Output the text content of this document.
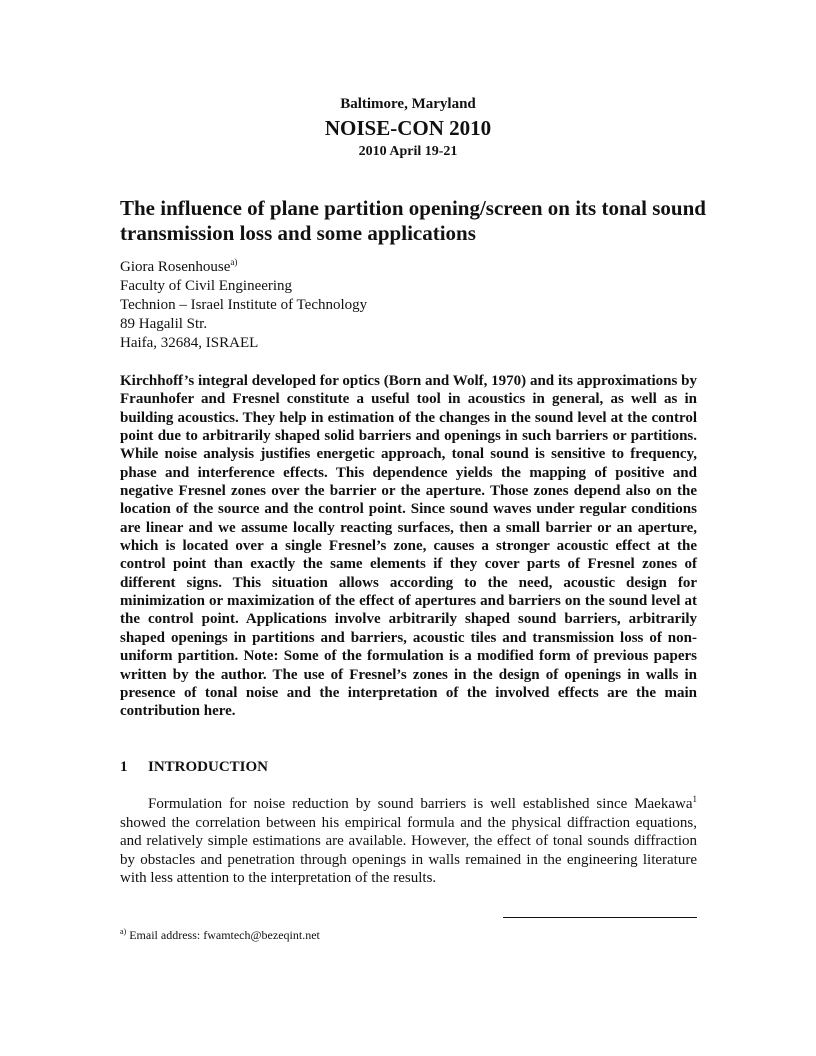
Baltimore, Maryland

NOISE-CON 2010

2010 April 19-21

The influence of plane partition opening/screen on its tonal sound transmission loss and some applications

Giora Rosenhouse$^{a)}$

Faculty of Civil Engineering

Technion – Israel Institute of Technology

89 Hagalil Str.

Haifa, 32684, ISRAEL

Kirchhoff’s integral developed for optics (Born and Wolf, 1970) and its approximations by Fraunhofer and Fresnel constitute a useful tool in acoustics in general, as well as in building acoustics. They help in estimation of the changes in the sound level at the control point due to arbitrarily shaped solid barriers and openings in such barriers or partitions. While noise analysis justifies energetic approach, tonal sound is sensitive to frequency, phase and interference effects. This dependence yields the mapping of positive and negative Fresnel zones over the barrier or the aperture. Those zones depend also on the location of the source and the control point. Since sound waves under regular conditions are linear and we assume locally reacting surfaces, then a small barrier or an aperture, which is located over a single Fresnel’s zone, causes a stronger acoustic effect at the control point than exactly the same elements if they cover parts of Fresnel zones of different signs. This situation allows according to the need, acoustic design for minimization or maximization of the effect of apertures and barriers on the sound level at the control point. Applications involve arbitrarily shaped sound barriers, arbitrarily shaped openings in partitions and barriers, acoustic tiles and transmission loss of non-uniform partition. Note: Some of the formulation is a modified form of previous papers written by the author. The use of Fresnel’s zones in the design of openings in walls in presence of tonal noise and the interpretation of the involved effects are the main contribution here.

1 INTRODUCTION

Formulation for noise reduction by sound barriers is well established since Maekawa$^1$ showed the correlation between his empirical formula and the physical diffraction equations, and relatively simple estimations are available. However, the effect of tonal sounds diffraction by obstacles and penetration through openings in walls remained in the engineering literature with less attention to the interpretation of the results.

$^{a)}$ Email address: fwamtech@bezeqint.net
